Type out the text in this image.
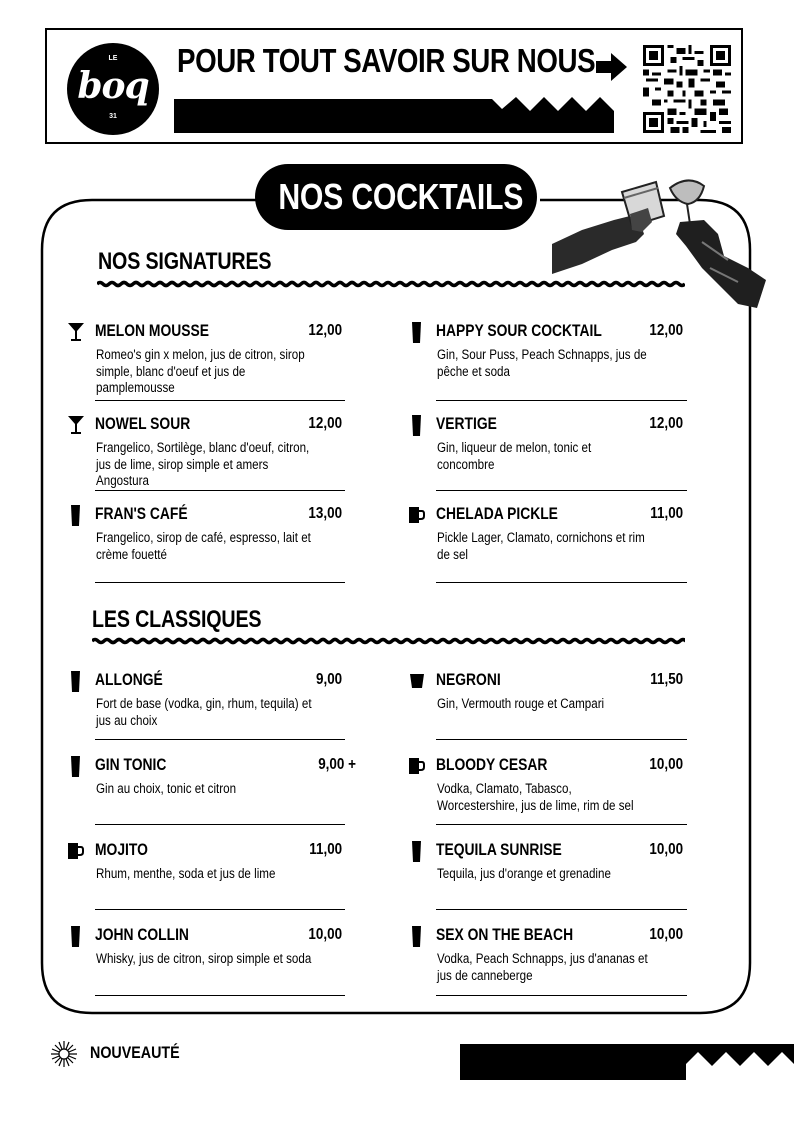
LE
boq
31
POUR TOUT SAVOIR SUR NOUS
NOS COCKTAILS
NOS SIGNATURES
LES CLASSIQUES
MELON MOUSSE	12,00
Romeo's gin x melon, jus de citron, sirop simple, blanc d'oeuf et jus de pamplemousse
HAPPY SOUR COCKTAIL	12,00
Gin, Sour Puss, Peach Schnapps, jus de pêche et soda
NOWEL SOUR	12,00
Frangelico, Sortilège, blanc d'oeuf, citron, jus de lime, sirop simple et amers Angostura
VERTIGE	12,00
Gin, liqueur de melon, tonic et concombre
FRAN'S CAFÉ	13,00
Frangelico, sirop de café, espresso, lait et crème fouetté
CHELADA PICKLE	11,00
Pickle Lager, Clamato, cornichons et rim de sel
ALLONGÉ	9,00
Fort de base (vodka, gin, rhum, tequila) et jus au choix
NEGRONI	11,50
Gin, Vermouth rouge et Campari
GIN TONIC	9,00 +
Gin au choix, tonic et citron
BLOODY CESAR	10,00
Vodka, Clamato, Tabasco, Worcestershire, jus de lime, rim de sel
MOJITO	11,00
Rhum, menthe, soda et jus de lime
TEQUILA SUNRISE	10,00
Tequila, jus d'orange et grenadine
JOHN COLLIN	10,00
Whisky, jus de citron, sirop simple et soda
SEX ON THE BEACH	10,00
Vodka, Peach Schnapps, jus d'ananas et jus de canneberge
NOUVEAUTÉ
